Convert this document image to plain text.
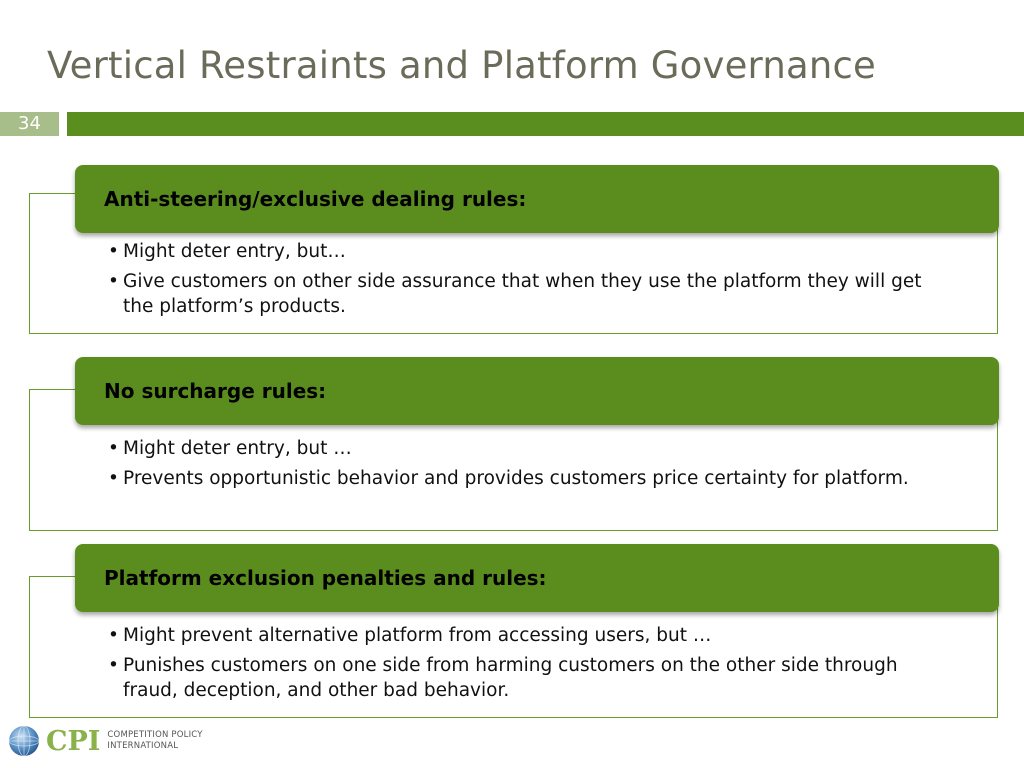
Vertical Restraints and Platform Governance
34
Anti-steering/exclusive dealing rules:
• Might deter entry, but…
• Give customers on other side assurance that when they use the platform they will get the platform’s products.
No surcharge rules:
• Might deter entry, but …
• Prevents opportunistic behavior and provides customers price certainty for platform.
Platform exclusion penalties and rules:
• Might prevent alternative platform from accessing users, but …
• Punishes customers on one side from harming customers on the other side through fraud, deception, and other bad behavior.
CPI COMPETITION POLICY
INTERNATIONAL
